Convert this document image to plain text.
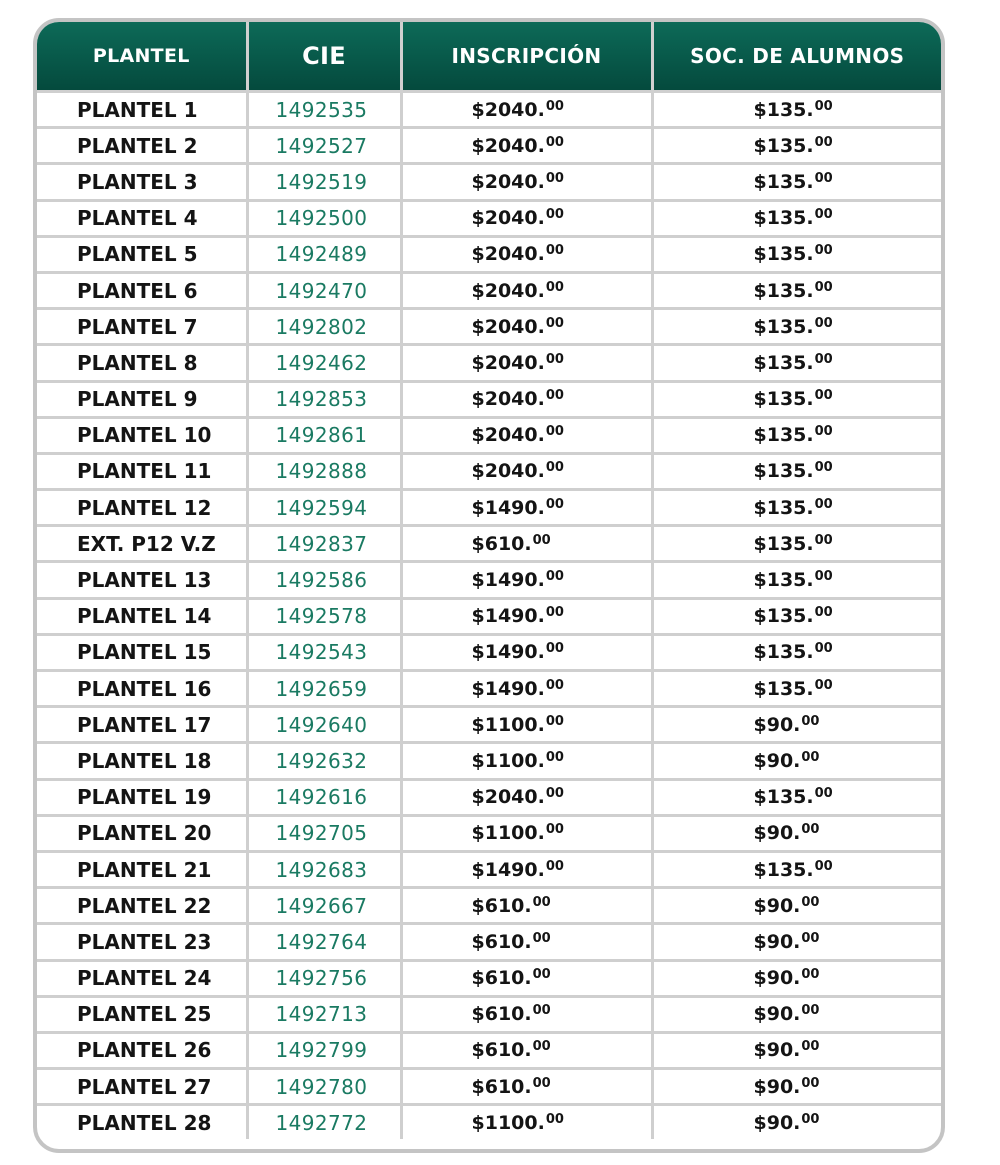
PLANTEL	CIE	INSCRIPCIÓN	SOC. DE ALUMNOS
PLANTEL 1	1492535	$2040.00	$135.00
PLANTEL 2	1492527	$2040.00	$135.00
PLANTEL 3	1492519	$2040.00	$135.00
PLANTEL 4	1492500	$2040.00	$135.00
PLANTEL 5	1492489	$2040.00	$135.00
PLANTEL 6	1492470	$2040.00	$135.00
PLANTEL 7	1492802	$2040.00	$135.00
PLANTEL 8	1492462	$2040.00	$135.00
PLANTEL 9	1492853	$2040.00	$135.00
PLANTEL 10	1492861	$2040.00	$135.00
PLANTEL 11	1492888	$2040.00	$135.00
PLANTEL 12	1492594	$1490.00	$135.00
EXT. P12 V.Z	1492837	$610.00	$135.00
PLANTEL 13	1492586	$1490.00	$135.00
PLANTEL 14	1492578	$1490.00	$135.00
PLANTEL 15	1492543	$1490.00	$135.00
PLANTEL 16	1492659	$1490.00	$135.00
PLANTEL 17	1492640	$1100.00	$90.00
PLANTEL 18	1492632	$1100.00	$90.00
PLANTEL 19	1492616	$2040.00	$135.00
PLANTEL 20	1492705	$1100.00	$90.00
PLANTEL 21	1492683	$1490.00	$135.00
PLANTEL 22	1492667	$610.00	$90.00
PLANTEL 23	1492764	$610.00	$90.00
PLANTEL 24	1492756	$610.00	$90.00
PLANTEL 25	1492713	$610.00	$90.00
PLANTEL 26	1492799	$610.00	$90.00
PLANTEL 27	1492780	$610.00	$90.00
PLANTEL 28	1492772	$1100.00	$90.00
